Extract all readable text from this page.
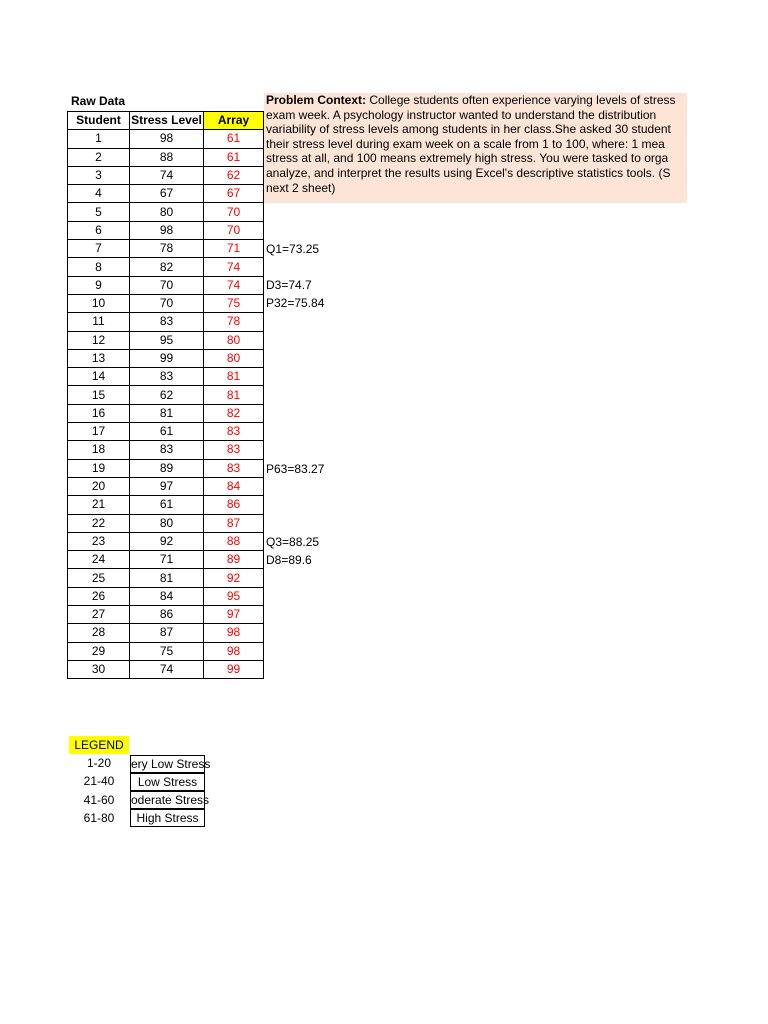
Raw Data
Student	Stress Level	Array
1	98	61
2	88	61
3	74	62
4	67	67
5	80	70
6	98	70
7	78	71
8	82	74
9	70	74
10	70	75
11	83	78
12	95	80
13	99	80
14	83	81
15	62	81
16	81	82
17	61	83
18	83	83
19	89	83
20	97	84
21	61	86
22	80	87
23	92	88
24	71	89
25	81	92
26	84	95
27	86	97
28	87	98
29	75	98
30	74	99
Problem Context: College students often experience varying levels of stress
exam week. A psychology instructor wanted to understand the distribution
variability of stress levels among students in her class.She asked 30 student
their stress level during exam week on a scale from 1 to 100, where: 1 mea
stress at all, and 100 means extremely high stress. You were tasked to orga
analyze, and interpret the results using Excel's descriptive statistics tools. (S
next 2 sheet)
Q1=73.25
D3=74.7
P32=75.84
P63=83.27
Q3=88.25
D8=89.6
LEGEND
1-20	ery Low Stress
21-40	Low Stress
41-60	oderate Stress
61-80	High Stress
